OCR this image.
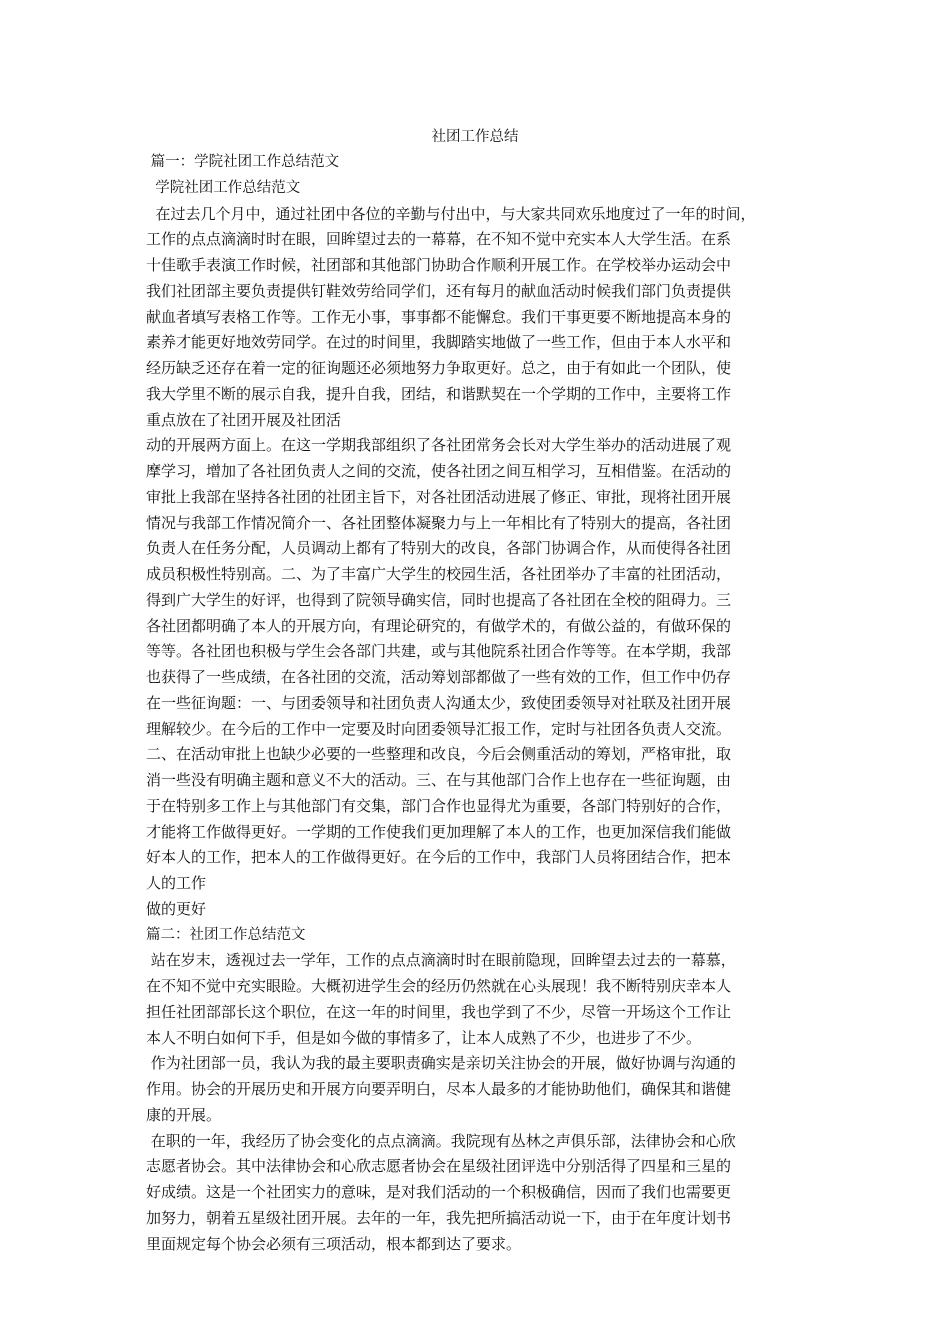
社团工作总结
篇一：学院社团工作总结范文
学院社团工作总结范文
在过去几个月中，通过社团中各位的辛勤与付出中，与大家共同欢乐地度过了一年的时间，
工作的点点滴滴时时在眼，回眸望过去的一幕幕，在不知不觉中充实本人大学生活。在系
十佳歌手表演工作时候，社团部和其他部门协助合作顺利开展工作。在学校举办运动会中
我们社团部主要负责提供钉鞋效劳给同学们，还有每月的献血活动时候我们部门负责提供
献血者填写表格工作等。工作无小事，事事都不能懈怠。我们干事更要不断地提高本身的
素养才能更好地效劳同学。在过的时间里，我脚踏实地做了一些工作，但由于本人水平和
经历缺乏还存在着一定的征询题还必须地努力争取更好。总之，由于有如此一个团队，使
我大学里不断的展示自我，提升自我，团结，和谐默契在一个学期的工作中，主要将工作
重点放在了社团开展及社团活
动的开展两方面上。在这一学期我部组织了各社团常务会长对大学生举办的活动进展了观
摩学习，增加了各社团负责人之间的交流，使各社团之间互相学习，互相借鉴。在活动的
审批上我部在坚持各社团的社团主旨下，对各社团活动进展了修正、审批，现将社团开展
情况与我部工作情况简介一、各社团整体凝聚力与上一年相比有了特别大的提高，各社团
负责人在任务分配，人员调动上都有了特别大的改良，各部门协调合作，从而使得各社团
成员积极性特别高。二、为了丰富广大学生的校园生活，各社团举办了丰富的社团活动，
得到广大学生的好评，也得到了院领导确实信，同时也提高了各社团在全校的阻碍力。三
各社团都明确了本人的开展方向，有理论研究的，有做学术的，有做公益的，有做环保的
等等。各社团也积极与学生会各部门共建，或与其他院系社团合作等等。在本学期，我部
也获得了一些成绩，在各社团的交流，活动筹划部都做了一些有效的工作，但工作中仍存
在一些征询题：一、与团委领导和社团负责人沟通太少，致使团委领导对社联及社团开展
理解较少。在今后的工作中一定要及时向团委领导汇报工作，定时与社团各负责人交流。
二、在活动审批上也缺少必要的一些整理和改良，今后会侧重活动的筹划，严格审批，取
消一些没有明确主题和意义不大的活动。三、在与其他部门合作上也存在一些征询题，由
于在特别多工作上与其他部门有交集，部门合作也显得尤为重要，各部门特别好的合作，
才能将工作做得更好。一学期的工作使我们更加理解了本人的工作，也更加深信我们能做
好本人的工作，把本人的工作做得更好。在今后的工作中，我部门人员将团结合作，把本
人的工作
做的更好
篇二：社团工作总结范文
站在岁末，透视过去一学年，工作的点点滴滴时时在眼前隐现，回眸望去过去的一幕慕，
在不知不觉中充实眼睑。大概初进学生会的经历仍然就在心头展现！我不断特别庆幸本人
担任社团部部长这个职位，在这一年的时间里，我也学到了不少，尽管一开场这个工作让
本人不明白如何下手，但是如今做的事情多了，让本人成熟了不少，也进步了不少。
作为社团部一员，我认为我的最主要职责确实是亲切关注协会的开展，做好协调与沟通的
作用。协会的开展历史和开展方向要弄明白，尽本人最多的才能协助他们，确保其和谐健
康的开展。
在职的一年，我经历了协会变化的点点滴滴。我院现有丛林之声俱乐部，法律协会和心欣
志愿者协会。其中法律协会和心欣志愿者协会在星级社团评选中分别活得了四星和三星的
好成绩。这是一个社团实力的意味，是对我们活动的一个积极确信，因而了我们也需要更
加努力，朝着五星级社团开展。去年的一年，我先把所搞活动说一下，由于在年度计划书
里面规定每个协会必须有三项活动，根本都到达了要求。
